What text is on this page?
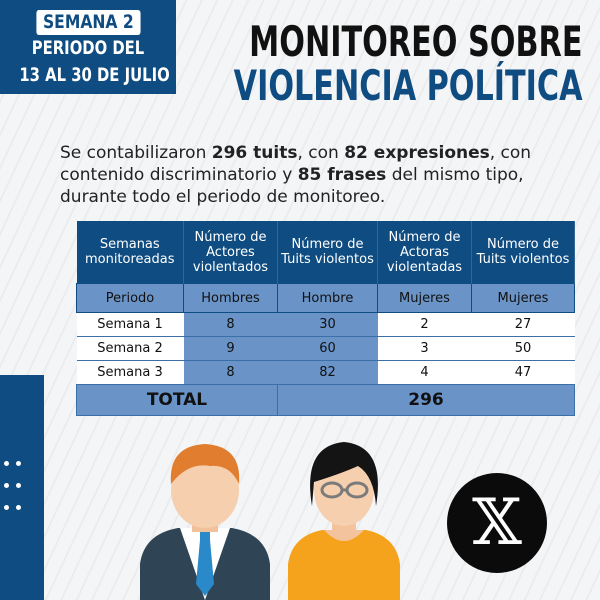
SEMANA 2
PERIODO DEL
13 AL 30 DE JULIO
MONITOREO SOBRE
VIOLENCIA POLÍTICA
Se contabilizaron 296 tuits, con 82 expresiones, con contenido discriminatorio y 85 frases del mismo tipo, durante todo el periodo de monitoreo.
Semanas monitoreadas	Número de Actores violentados	Número de Tuits violentos	Número de Actoras violentadas	Número de Tuits violentos
Periodo	Hombres	Hombre	Mujeres	Mujeres
Semana 1	8	30	2	27
Semana 2	9	60	3	50
Semana 3	8	82	4	47
TOTAL		296		

𝕏
